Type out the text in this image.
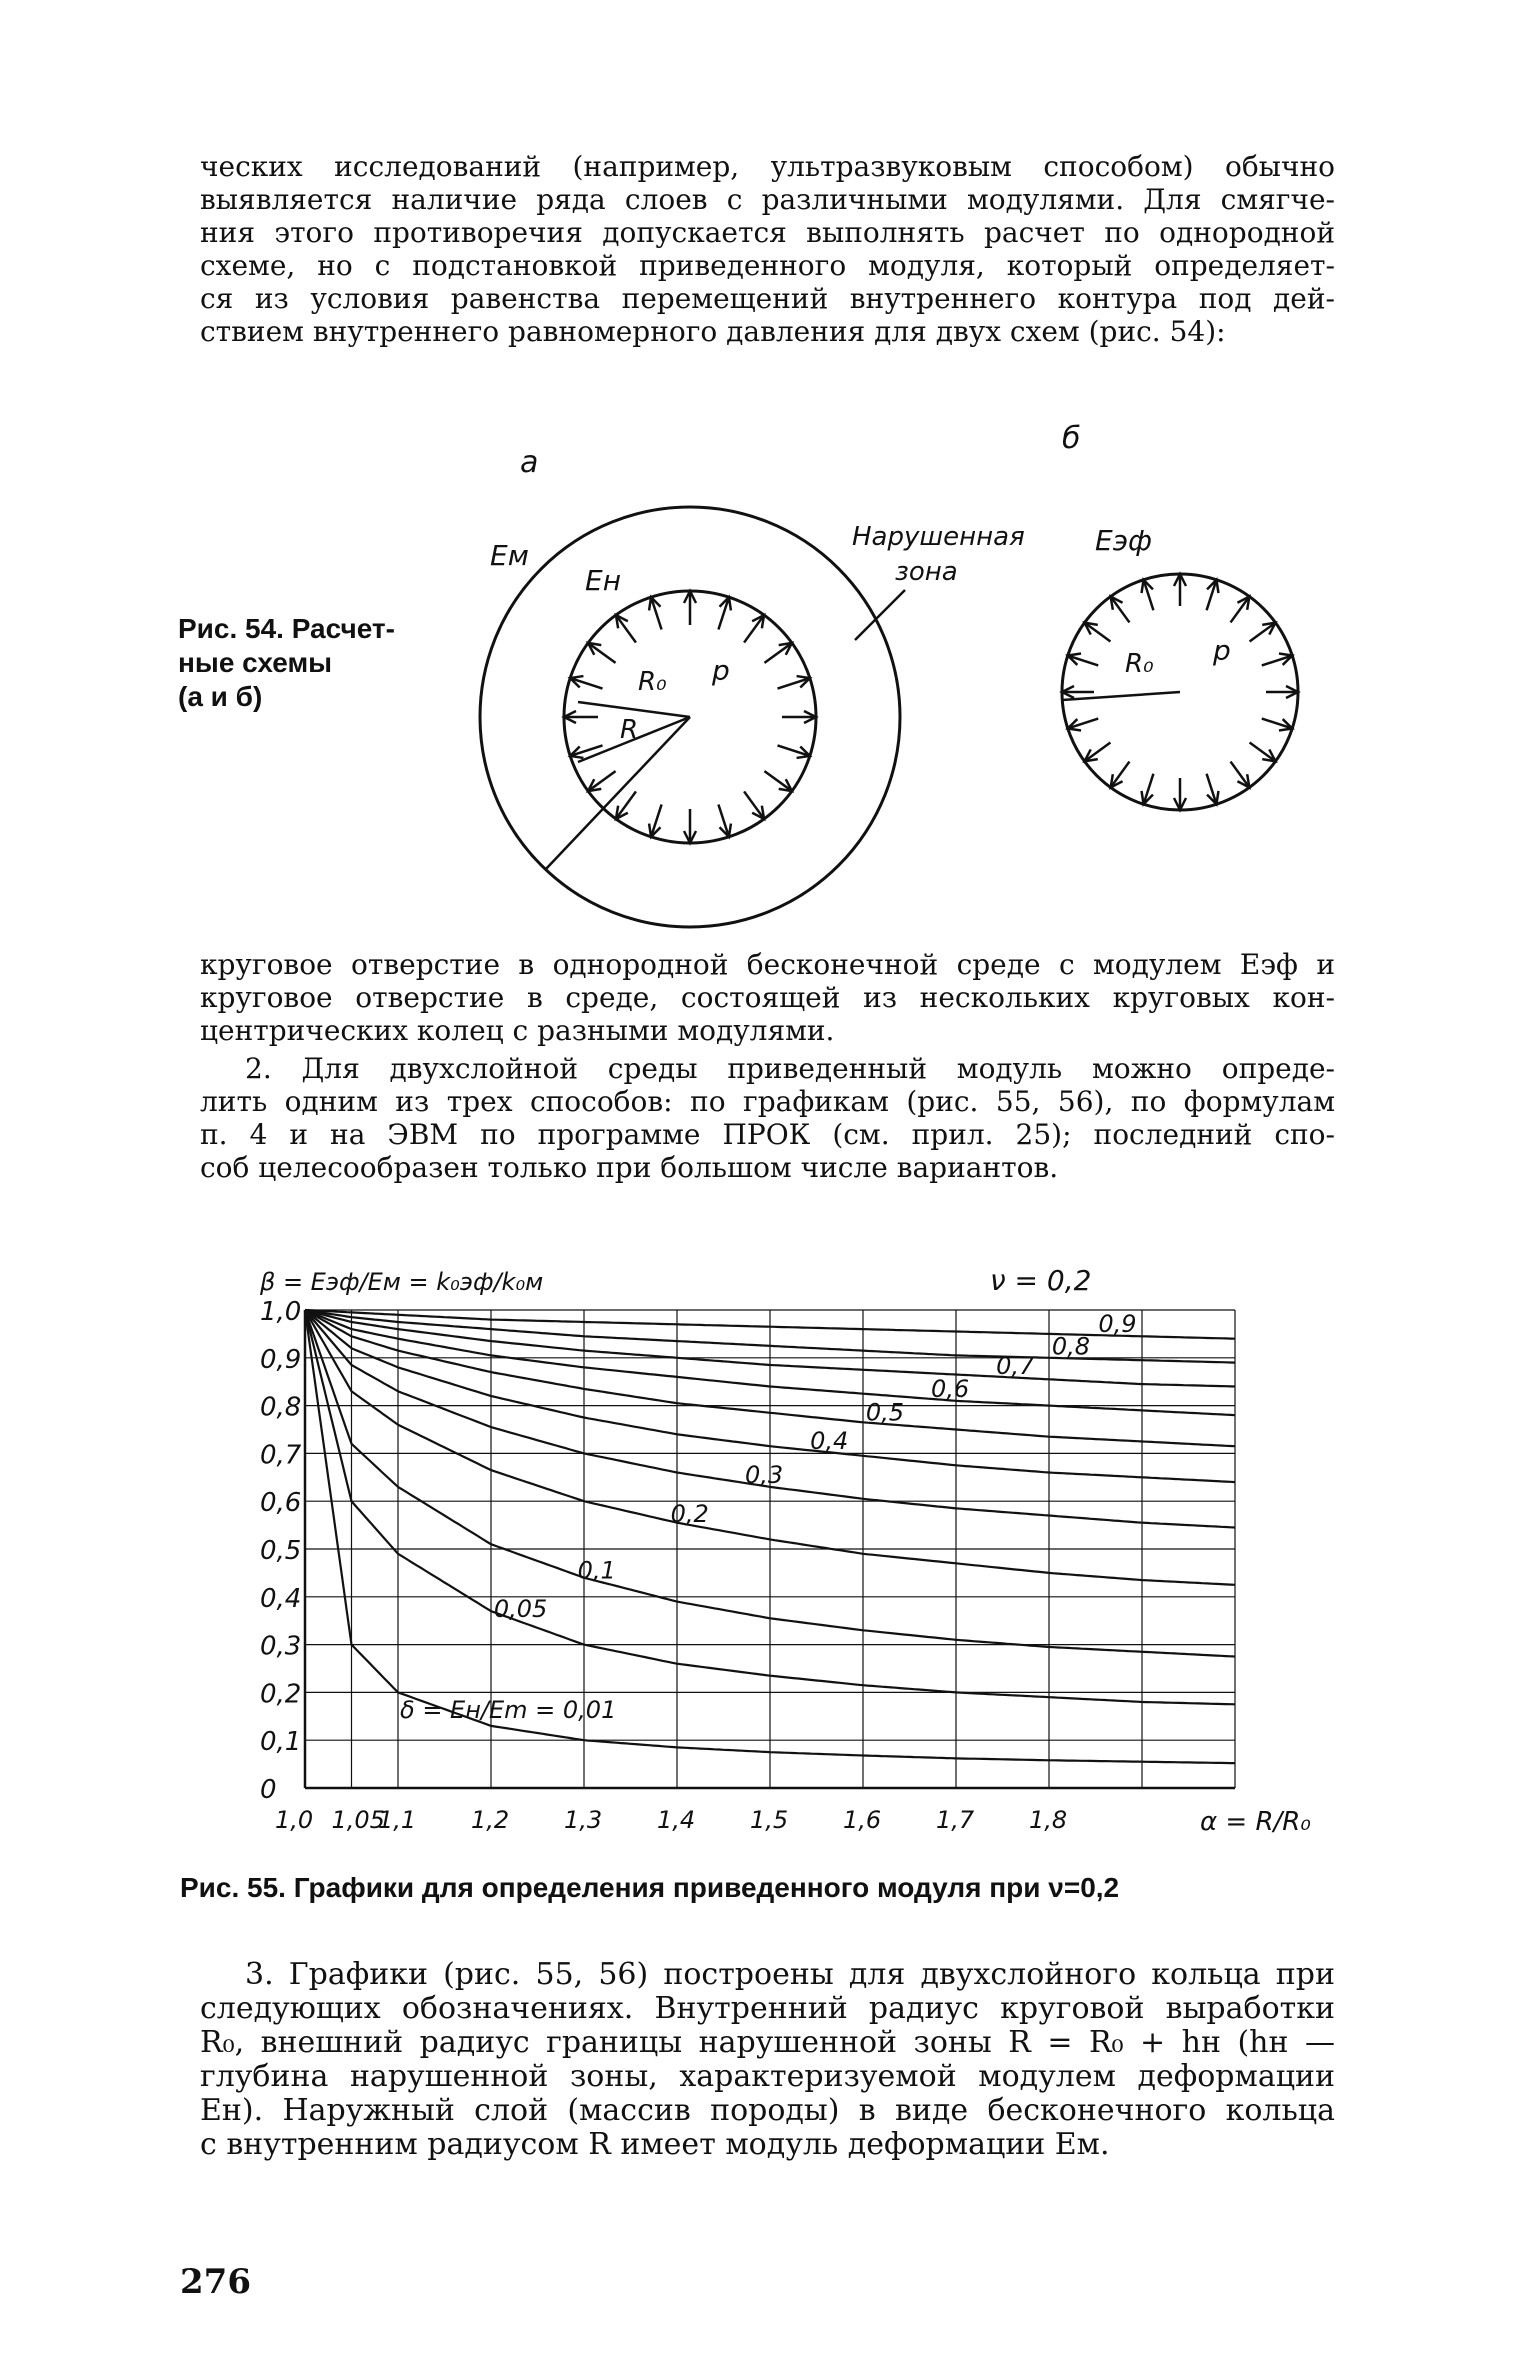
ческих исследований (например, ультразвуковым способом) обычно
выявляется наличие ряда слоев с различными модулями. Для смягче-
ния этого противоречия допускается выполнять расчет по однородной
схеме, но с подстановкой приведенного модуля, который определяет-
ся из условия равенства перемещений внутреннего контура под дей-
ствием внутреннего равномерного давления для двух схем (рис. 54):
Рис. 54. Расчет-
ные схемы
(а и б)
а
б
Eм
Eн
R₀
R
p
Нарушенная
зона
Eэф
R₀ p
круговое отверстие в однородной бесконечной среде с модулем Eэф и
круговое отверстие в среде, состоящей из нескольких круговых кон-
центрических колец с разными модулями.
2. Для двухслойной среды приведенный модуль можно опреде-
лить одним из трех способов: по графикам (рис. 55, 56), по формулам
п. 4 и на ЭВМ по программе ПРОК (см. прил. 25); последний спо-
соб целесообразен только при большом числе вариантов.
1,0
0,9
0,8
0,7
0,6
0,5
0,4
0,3
0,2
0,1
0
1,0 1,05
1,1 1,2 1,3 1,4 1,5 1,6 1,7 1,8
0,9
0,8
0,7
0,6
0,5
0,4
0,3
0,2
0,1
0,05
β = Eэф/Eм = k₀эф/k₀м	ν = 0,2
α = R/R₀
δ = Eн/Em = 0,01
Рис. 55. Графики для определения приведенного модуля при ν=0,2
3. Графики (рис. 55, 56) построены для двухслойного кольца при
следующих обозначениях. Внутренний радиус круговой выработки
R₀, внешний радиус границы нарушенной зоны R = R₀ + hн (hн —
глубина нарушенной зоны, характеризуемой модулем деформации
Eн). Наружный слой (массив породы) в виде бесконечного кольца
с внутренним радиусом R имеет модуль деформации Eм.
276
